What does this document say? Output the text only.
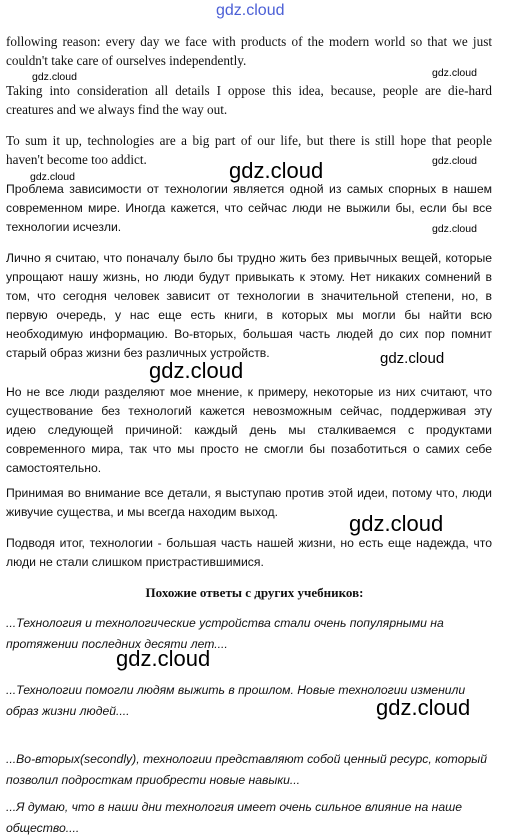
gdz.cloud

following reason: every day we face with products of the modern world so that we just couldn't take care of ourselves independently.

Taking into consideration all details I oppose this idea, because, people are die-hard creatures and we always find the way out.

To sum it up, technologies are a big part of our life, but there is still hope that people haven't become too addict.

Проблема зависимости от технологии является одной из самых спорных в нашем современном мире. Иногда кажется, что сейчас люди не выжили бы, если бы все технологии исчезли.

Лично я считаю, что поначалу было бы трудно жить без привычных вещей, которые упрощают нашу жизнь, но люди будут привыкать к этому. Нет никаких сомнений в том, что сегодня человек зависит от технологии в значительной степени, но, в первую очередь, у нас еще есть книги, в которых мы могли бы найти всю необходимую информацию. Во-вторых, большая часть людей до сих пор помнит старый образ жизни без различных устройств.

Но не все люди разделяют мое мнение, к примеру, некоторые из них считают, что существование без технологий кажется невозможным сейчас, поддерживая эту идею следующей причиной: каждый день мы сталкиваемся с продуктами современного мира, так что мы просто не смогли бы позаботиться о самих себе самостоятельно.

Принимая во внимание все детали, я выступаю против этой идеи, потому что, люди живучие существа, и мы всегда находим выход.

Подводя итог, технологии - большая часть нашей жизни, но есть еще надежда, что люди не стали слишком пристрастившимися.

Похожие ответы с других учебников:

...Технология и технологические устройства стали очень популярными на протяжении последних десяти лет....

...Технологии помогли людям выжить в прошлом. Новые технологии изменили образ жизни людей....

...Во-вторых(secondly), технологии представляют собой ценный ресурс, который позволил подросткам приобрести новые навыки...

...Я думаю, что в наши дни технология имеет очень сильное влияние на наше общество....

gdz.cloud	gdz.cloud
gdz.cloud
gdz.cloud
gdz.cloud
gdz.cloud
gdz.cloud
gdz.cloud
gdz.cloud
gdz.cloud
gdz.cloud
